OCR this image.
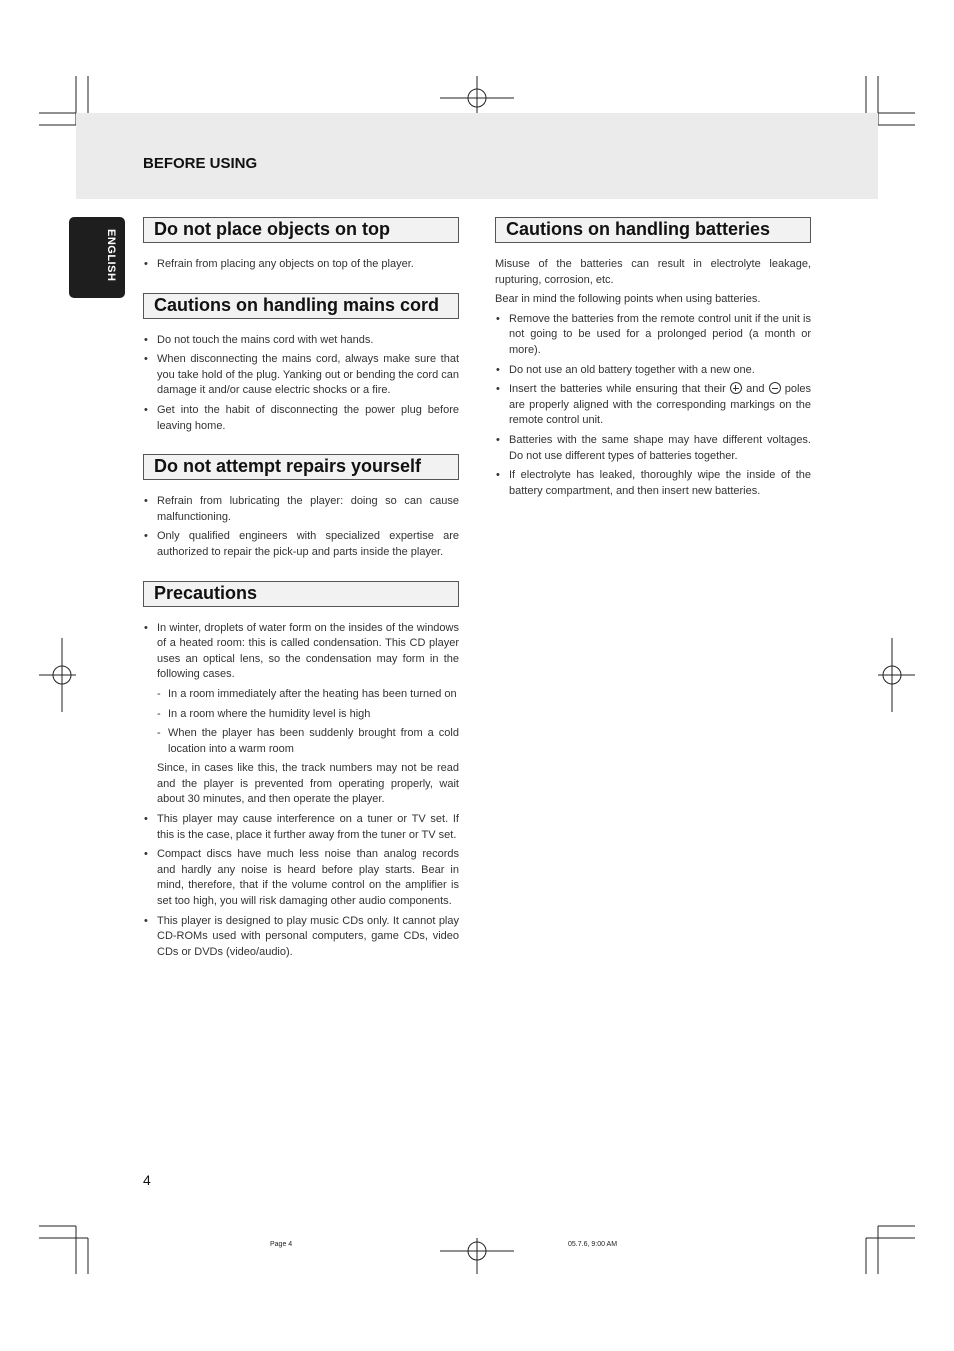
BEFORE USING
ENGLISH	Do not place objects on top
• Refrain from placing any objects on top of the player.
Cautions on handling mains cord
• Do not touch the mains cord with wet hands.
• When disconnecting the mains cord, always make sure that you take hold of the plug. Yanking out or bending the cord can damage it and/or cause electric shocks or a fire.
• Get into the habit of disconnecting the power plug before leaving home.
Do not attempt repairs yourself
• Refrain from lubricating the player: doing so can cause malfunctioning.
• Only qualified engineers with specialized expertise are authorized to repair the pick-up and parts inside the player.
Precautions
• In winter, droplets of water form on the insides of the windows of a heated room: this is called condensation. This CD player uses an optical lens, so the condensation may form in the following cases.
- In a room immediately after the heating has been turned on
- In a room where the humidity level is high
- When the player has been suddenly brought from a cold location into a warm room
Since, in cases like this, the track numbers may not be read and the player is prevented from operating properly, wait about 30 minutes, and then operate the player.
• This player may cause interference on a tuner or TV set. If this is the case, place it further away from the tuner or TV set.
• Compact discs have much less noise than analog records and hardly any noise is heard before play starts. Bear in mind, therefore, that if the volume control on the amplifier is set too high, you will risk damaging other audio components.
• This player is designed to play music CDs only. It cannot play CD-ROMs used with personal computers, game CDs, video CDs or DVDs (video/audio).
Cautions on handling batteries

Misuse of the batteries can result in electrolyte leakage, rupturing, corrosion, etc.

Bear in mind the following points when using batteries.

• Remove the batteries from the remote control unit if the unit is not going to be used for a prolonged period (a month or more).
• Do not use an old battery together with a new one.
• Insert the batteries while ensuring that their and poles are properly aligned with the corresponding markings on the remote control unit.
• Batteries with the same shape may have different voltages. Do not use different types of batteries together.
• If electrolyte has leaked, thoroughly wipe the inside of the battery compartment, and then insert new batteries.
4
Page 4	05.7.6, 9:00 AM
